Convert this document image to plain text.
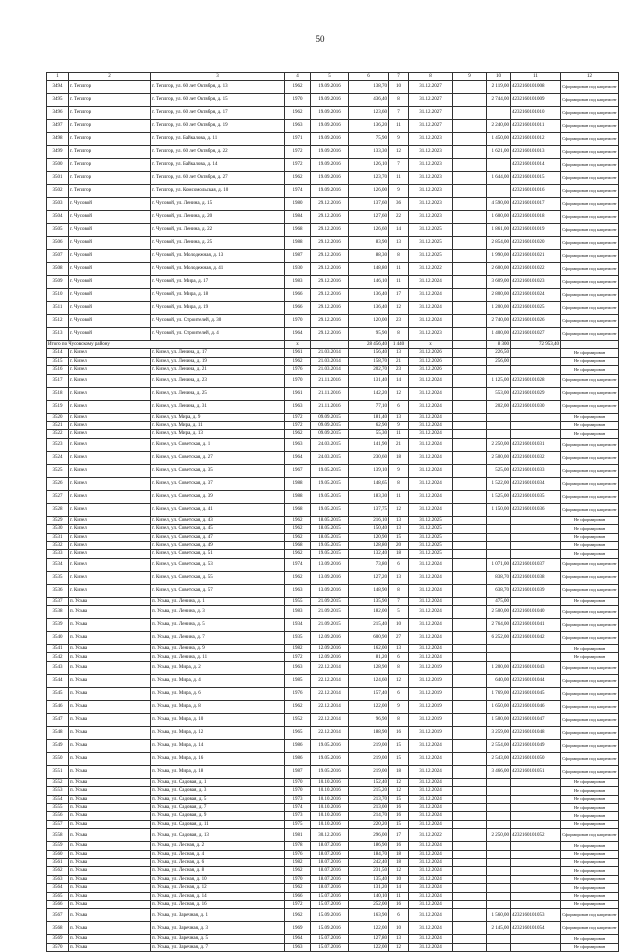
50
1	2	3	4	5	6	7	8	9	10	11	12
3494	г. Теплгор	г. Теплгор, ул. 60 лет Октября, д. 13	1962	19.09.2016	138,70	10	31.12.2027		2 119,00	4232160101008	Сформирован под капремонт
3495	г. Теплгор	г. Теплгор, ул. 60 лет Октября, д. 15	1970	19.09.2016	436,40	8	31.12.2027		2 744,00	4232160101009	Сформирован под капремонт
3496	г. Теплгор	г. Теплгор, ул. 60 лет Октября, д. 17	1962	19.09.2016	123,60	7	31.12.2027			4232160101010	Сформирован под капремонт
3497	г. Теплгор	г. Теплгор, ул. 60 лет Октября, д. 19	1963	19.09.2016	136,20	11	31.12.2027		2 240,00	4232160101011	Сформирован под капремонт
3498	г. Теплгор	г. Теплгор, ул. Байкалова, д. 11	1971	19.09.2016	75,90	9	31.12.2023		1 450,00	4232160101012	Сформирован под капремонт
3499	г. Теплгор	г. Теплгор, ул. 60 лет Октября, д. 22	1972	19.09.2016	133,30	12	31.12.2023		1 621,00	4232160101013	Сформирован под капремонт
3500	г. Теплгор	г. Теплгор, ул. Байкалова, д. 14	1972	19.09.2016	126,10	7	31.12.2023			4232160101014	Сформирован под капремонт
3501	г. Теплгор	г. Теплгор, ул. 60 лет Октября, д. 27	1962	19.09.2016	123,70	11	31.12.2023		1 644,00	4232160101015	Сформирован под капремонт
3502	г. Теплгор	г. Теплгор, ул. Комсомольская, д. 10	1974	19.09.2016	126,00	9	31.12.2023			4232160101016	Сформирован под капремонт
3503	г. Чусовой	г. Чусовой, ул. Ленина, д. 15	1980	29.12.2016	137,60	36	31.12.2023		4 590,00	4232160101017	Сформирован под капремонт
3504	г. Чусовой	г. Чусовой, ул. Ленина, д. 20	1984	29.12.2016	127,60	22	31.12.2023		1 600,00	4232160101018	Сформирован под капремонт
3505	г. Чусовой	г. Чусовой, ул. Ленина, д. 22	1968	29.12.2016	126,60	14	31.12.2025		1 861,00	4232160101019	Сформирован под капремонт
3506	г. Чусовой	г. Чусовой, ул. Ленина, д. 25	1988	29.12.2016	83,90	13	31.12.2025		2 854,00	4232160101020	Сформирован под капремонт
3507	г. Чусовой	г. Чусовой, ул. Молодежная, д. 13	1987	29.12.2016	88,30	8	31.12.2025		1 990,00	4232160101021	Сформирован под капремонт
3508	г. Чусовой	г. Чусовой, ул. Молодежная, д. 41	1930	29.12.2016	148,80	11	31.12.2022		2 600,00	4232160101022	Сформирован под капремонт
3509	г. Чусовой	г. Чусовой, ул. Мира, д. 17	1983	29.12.2016	146,10	11	31.12.2024		3 609,00	4232160101023	Сформирован под капремонт
3510	г. Чусовой	г. Чусовой, ул. Мира, д. 18	1966	29.12.2016	136,40	17	31.12.2024		2 800,00	4232160101024	Сформирован под капремонт
3511	г. Чусовой	г. Чусовой, ул. Мира, д. 19	1966	29.12.2016	136,40	12	31.12.2024		1 200,00	4232160101025	Сформирован под капремонт
3512	г. Чусовой	г. Чусовой, ул. Строителей, д. 30	1970	29.12.2016	120,00	23	31.12.2024		2 740,00	4232160101026	Сформирован под капремонт
3513	г. Чусовой	г. Чусовой, ул. Строителей, д. 4	1964	29.12.2016	95,90	8	31.12.2023		1 400,00	4232160101027	Сформирован под капремонт
Итого по Чусовскому району			х		28 456,40	1 440	х		8 300	72 953,40	
3514	г. Кизел	г. Кизел, ул. Ленина, д. 17	1961	21.03.2014	156,40	13	31.12.2026		226,50		Не сформирован
3515	г. Кизел	г. Кизел, ул. Ленина, д. 19	1962	21.03.2014	158,70	21	31.12.2026		256,00		Не сформирован
3516	г. Кизел	г. Кизел, ул. Ленина, д. 21	1976	21.03.2014	202,70	23	31.12.2026				Не сформирован
3517	г. Кизел	г. Кизел, ул. Ленина, д. 23	1970	21.11.2016	131,40	14	31.12.2024		1 125,00	4232160101028	Сформирован под капремонт
3518	г. Кизел	г. Кизел, ул. Ленина, д. 25	1961	21.11.2016	142,20	12	31.12.2024		553,00	4232160101029	Сформирован под капремонт
3519	г. Кизел	г. Кизел, ул. Ленина, д. 31	1963	21.11.2016	77,10	6	31.12.2024		202,00	4232160101030	Сформирован под капремонт
3520	г. Кизел	г. Кизел, ул. Мира, д. 9	1972	09.09.2015	181,40	13	31.12.2024				Не сформирован
3521	г. Кизел	г. Кизел, ул. Мира, д. 11	1972	09.09.2015	62,90	9	31.12.2024				Не сформирован
3522	г. Кизел	г. Кизел, ул. Мира, д. 13	1962	09.09.2015	55,30	11	31.12.2024				Не сформирован
3523	г. Кизел	г. Кизел, ул. Советская, д. 1	1963	24.03.2015	141,90	21	31.12.2024		2 250,00	4232160101031	Сформирован под капремонт
3524	г. Кизел	г. Кизел, ул. Советская, д. 27	1964	24.03.2015	230,60	18	31.12.2024		2 500,00	4232160101032	Сформирован под капремонт
3525	г. Кизел	г. Кизел, ул. Советская, д. 35	1967	19.05.2015	139,10	9	31.12.2024		525,00	4232160101033	Сформирован под капремонт
3526	г. Кизел	г. Кизел, ул. Советская, д. 37	1988	19.05.2015	148,65	8	31.12.2024		1 522,00	4232160101034	Сформирован под капремонт
3527	г. Кизел	г. Кизел, ул. Советская, д. 39	1988	19.05.2015	183,30	11	31.12.2024		1 525,00	4232160101035	Сформирован под капремонт
3528	г. Кизел	г. Кизел, ул. Советская, д. 41	1968	19.05.2015	137,75	12	31.12.2024		1 150,00	4232160101036	Сформирован под капремонт
3529	г. Кизел	г. Кизел, ул. Советская, д. 43	1962	18.05.2015	216,10	13	31.12.2025				Не сформирован
3530	г. Кизел	г. Кизел, ул. Советская, д. 45	1962	18.05.2015	150,40	13	31.12.2025				Не сформирован
3531	г. Кизел	г. Кизел, ул. Советская, д. 47	1962	18.05.2015	120,90	15	31.12.2025				Не сформирован
3532	г. Кизел	г. Кизел, ул. Советская, д. 49	1968	19.05.2015	128,80	20	31.12.2025				Не сформирован
3533	г. Кизел	г. Кизел, ул. Советская, д. 51	1962	19.05.2015	132,40	18	31.12.2025				Не сформирован
3534	г. Кизел	г. Кизел, ул. Советская, д. 53	1974	13.09.2016	73,80	6	31.12.2024		1 071,00	4232160101037	Сформирован под капремонт
3535	г. Кизел	г. Кизел, ул. Советская, д. 55	1962	13.09.2016	127,20	13	31.12.2024		838,70	4232160101038	Сформирован под капремонт
3536	г. Кизел	г. Кизел, ул. Советская, д. 57	1963	13.09.2016	148,90	8	31.12.2024		638,70	4232160101039	Сформирован под капремонт
3537	п. Усьва	п. Усьва, ул. Ленина, д. 1	1955	21.09.2015	135,90	7	31.12.2024		475,00		Не сформирован
3538	п. Усьва	п. Усьва, ул. Ленина, д. 3	1983	21.09.2015	182,00	5	31.12.2024		2 500,00	4232160101040	Сформирован под капремонт
3539	п. Усьва	п. Усьва, ул. Ленина, д. 5	1934	21.09.2015	215,40	10	31.12.2024		2 764,00	4232160101041	Сформирован под капремонт
3540	п. Усьва	п. Усьва, ул. Ленина, д. 7	1935	12.09.2016	600,90	27	31.12.2024		6 252,00	4232160101042	Сформирован под капремонт
3541	п. Усьва	п. Усьва, ул. Ленина, д. 9	1982	12.09.2016	162,00	13	31.12.2024				Не сформирован
3542	п. Усьва	п. Усьва, ул. Ленина, д. 11	1972	12.09.2016	81,20	6	31.12.2024				Не сформирован
3543	п. Усьва	п. Усьва, ул. Мира, д. 2	1963	22.12.2014	128,90	8	31.12.2019		1 200,00	4232160101043	Сформирован под капремонт
3544	п. Усьва	п. Усьва, ул. Мира, д. 4	1985	22.12.2014	124,60	12	31.12.2019		640,00	4232160101044	Сформирован под капремонт
3545	п. Усьва	п. Усьва, ул. Мира, д. 6	1976	22.12.2014	157,40	6	31.12.2019		1 769,00	4232160101045	Сформирован под капремонт
3546	п. Усьва	п. Усьва, ул. Мира, д. 8	1962	22.12.2014	122,00	9	31.12.2019		1 650,00	4232160101046	Сформирован под капремонт
3547	п. Усьва	п. Усьва, ул. Мира, д. 10	1952	22.12.2014	96,90	8	31.12.2019		1 500,00	4232160101047	Сформирован под капремонт
3548	п. Усьва	п. Усьва, ул. Мира, д. 12	1965	22.12.2014	188,90	16	31.12.2019		3 259,00	4232160101048	Сформирован под капремонт
3549	п. Усьва	п. Усьва, ул. Мира, д. 14	1986	19.05.2016	219,00	15	31.12.2024		2 554,00	4232160101049	Сформирован под капремонт
3550	п. Усьва	п. Усьва, ул. Мира, д. 16	1986	19.05.2016	219,00	15	31.12.2024		2 543,00	4232160101050	Сформирован под капремонт
3551	п. Усьва	п. Усьва, ул. Мира, д. 18	1987	19.05.2016	219,00	18	31.12.2024		3 466,00	4232160101051	Сформирован под капремонт
3552	п. Усьва	п. Усьва, ул. Садовая, д. 1	1970	10.10.2016	152,40	12	31.12.2024				Не сформирован
3553	п. Усьва	п. Усьва, ул. Садовая, д. 3	1970	10.10.2016	215,20	12	31.12.2024				Не сформирован
3554	п. Усьва	п. Усьва, ул. Садовая, д. 5	1973	10.10.2016	213,70	15	31.12.2024				Не сформирован
3555	п. Усьва	п. Усьва, ул. Садовая, д. 7	1974	10.10.2016	213,00	16	31.12.2024				Не сформирован
3556	п. Усьва	п. Усьва, ул. Садовая, д. 9	1973	10.10.2016	214,70	16	31.12.2024				Не сформирован
3557	п. Усьва	п. Усьва, ул. Садовая, д. 11	1975	10.10.2016	220,20	15	31.12.2024				Не сформирован
3558	п. Усьва	п. Усьва, ул. Садовая, д. 13	1981	30.12.2016	296,00	17	31.12.2022		2 250,00	4232160101052	Сформирован под капремонт
3559	п. Усьва	п. Усьва, ул. Лесная, д. 2	1978	18.07.2016	186,90	16	31.12.2024				Не сформирован
3560	п. Усьва	п. Усьва, ул. Лесная, д. 4	1976	18.07.2016	184,70	18	31.12.2024				Не сформирован
3561	п. Усьва	п. Усьва, ул. Лесная, д. 6	1982	18.07.2016	242,40	18	31.12.2024				Не сформирован
3562	п. Усьва	п. Усьва, ул. Лесная, д. 8	1962	18.07.2016	231,50	12	31.12.2024				Не сформирован
3563	п. Усьва	п. Усьва, ул. Лесная, д. 10	1970	18.07.2016	135,40	10	31.12.2024				Не сформирован
3564	п. Усьва	п. Усьва, ул. Лесная, д. 12	1962	18.07.2016	131,20	14	31.12.2024				Не сформирован
3565	п. Усьва	п. Усьва, ул. Лесная, д. 14	1966	15.07.2016	140,10	11	31.12.2024				Не сформирован
3566	п. Усьва	п. Усьва, ул. Лесная, д. 16	1972	15.07.2016	252,00	16	31.12.2024				Не сформирован
3567	п. Усьва	п. Усьва, ул. Заречная, д. 1	1962	15.09.2016	163,90	6	31.12.2024		1 560,00	4232160101053	Сформирован под капремонт
3568	п. Усьва	п. Усьва, ул. Заречная, д. 3	1969	15.09.2016	122,00	10	31.12.2024		2 145,00	4232160101054	Сформирован под капремонт
3569	п. Усьва	п. Усьва, ул. Заречная, д. 5	1964	15.07.2016	127,80	13	31.12.2024				Не сформирован
3570	п. Усьва	п. Усьва, ул. Заречная, д. 7	1963	15.07.2016	122,00	12	31.12.2024				Не сформирован
